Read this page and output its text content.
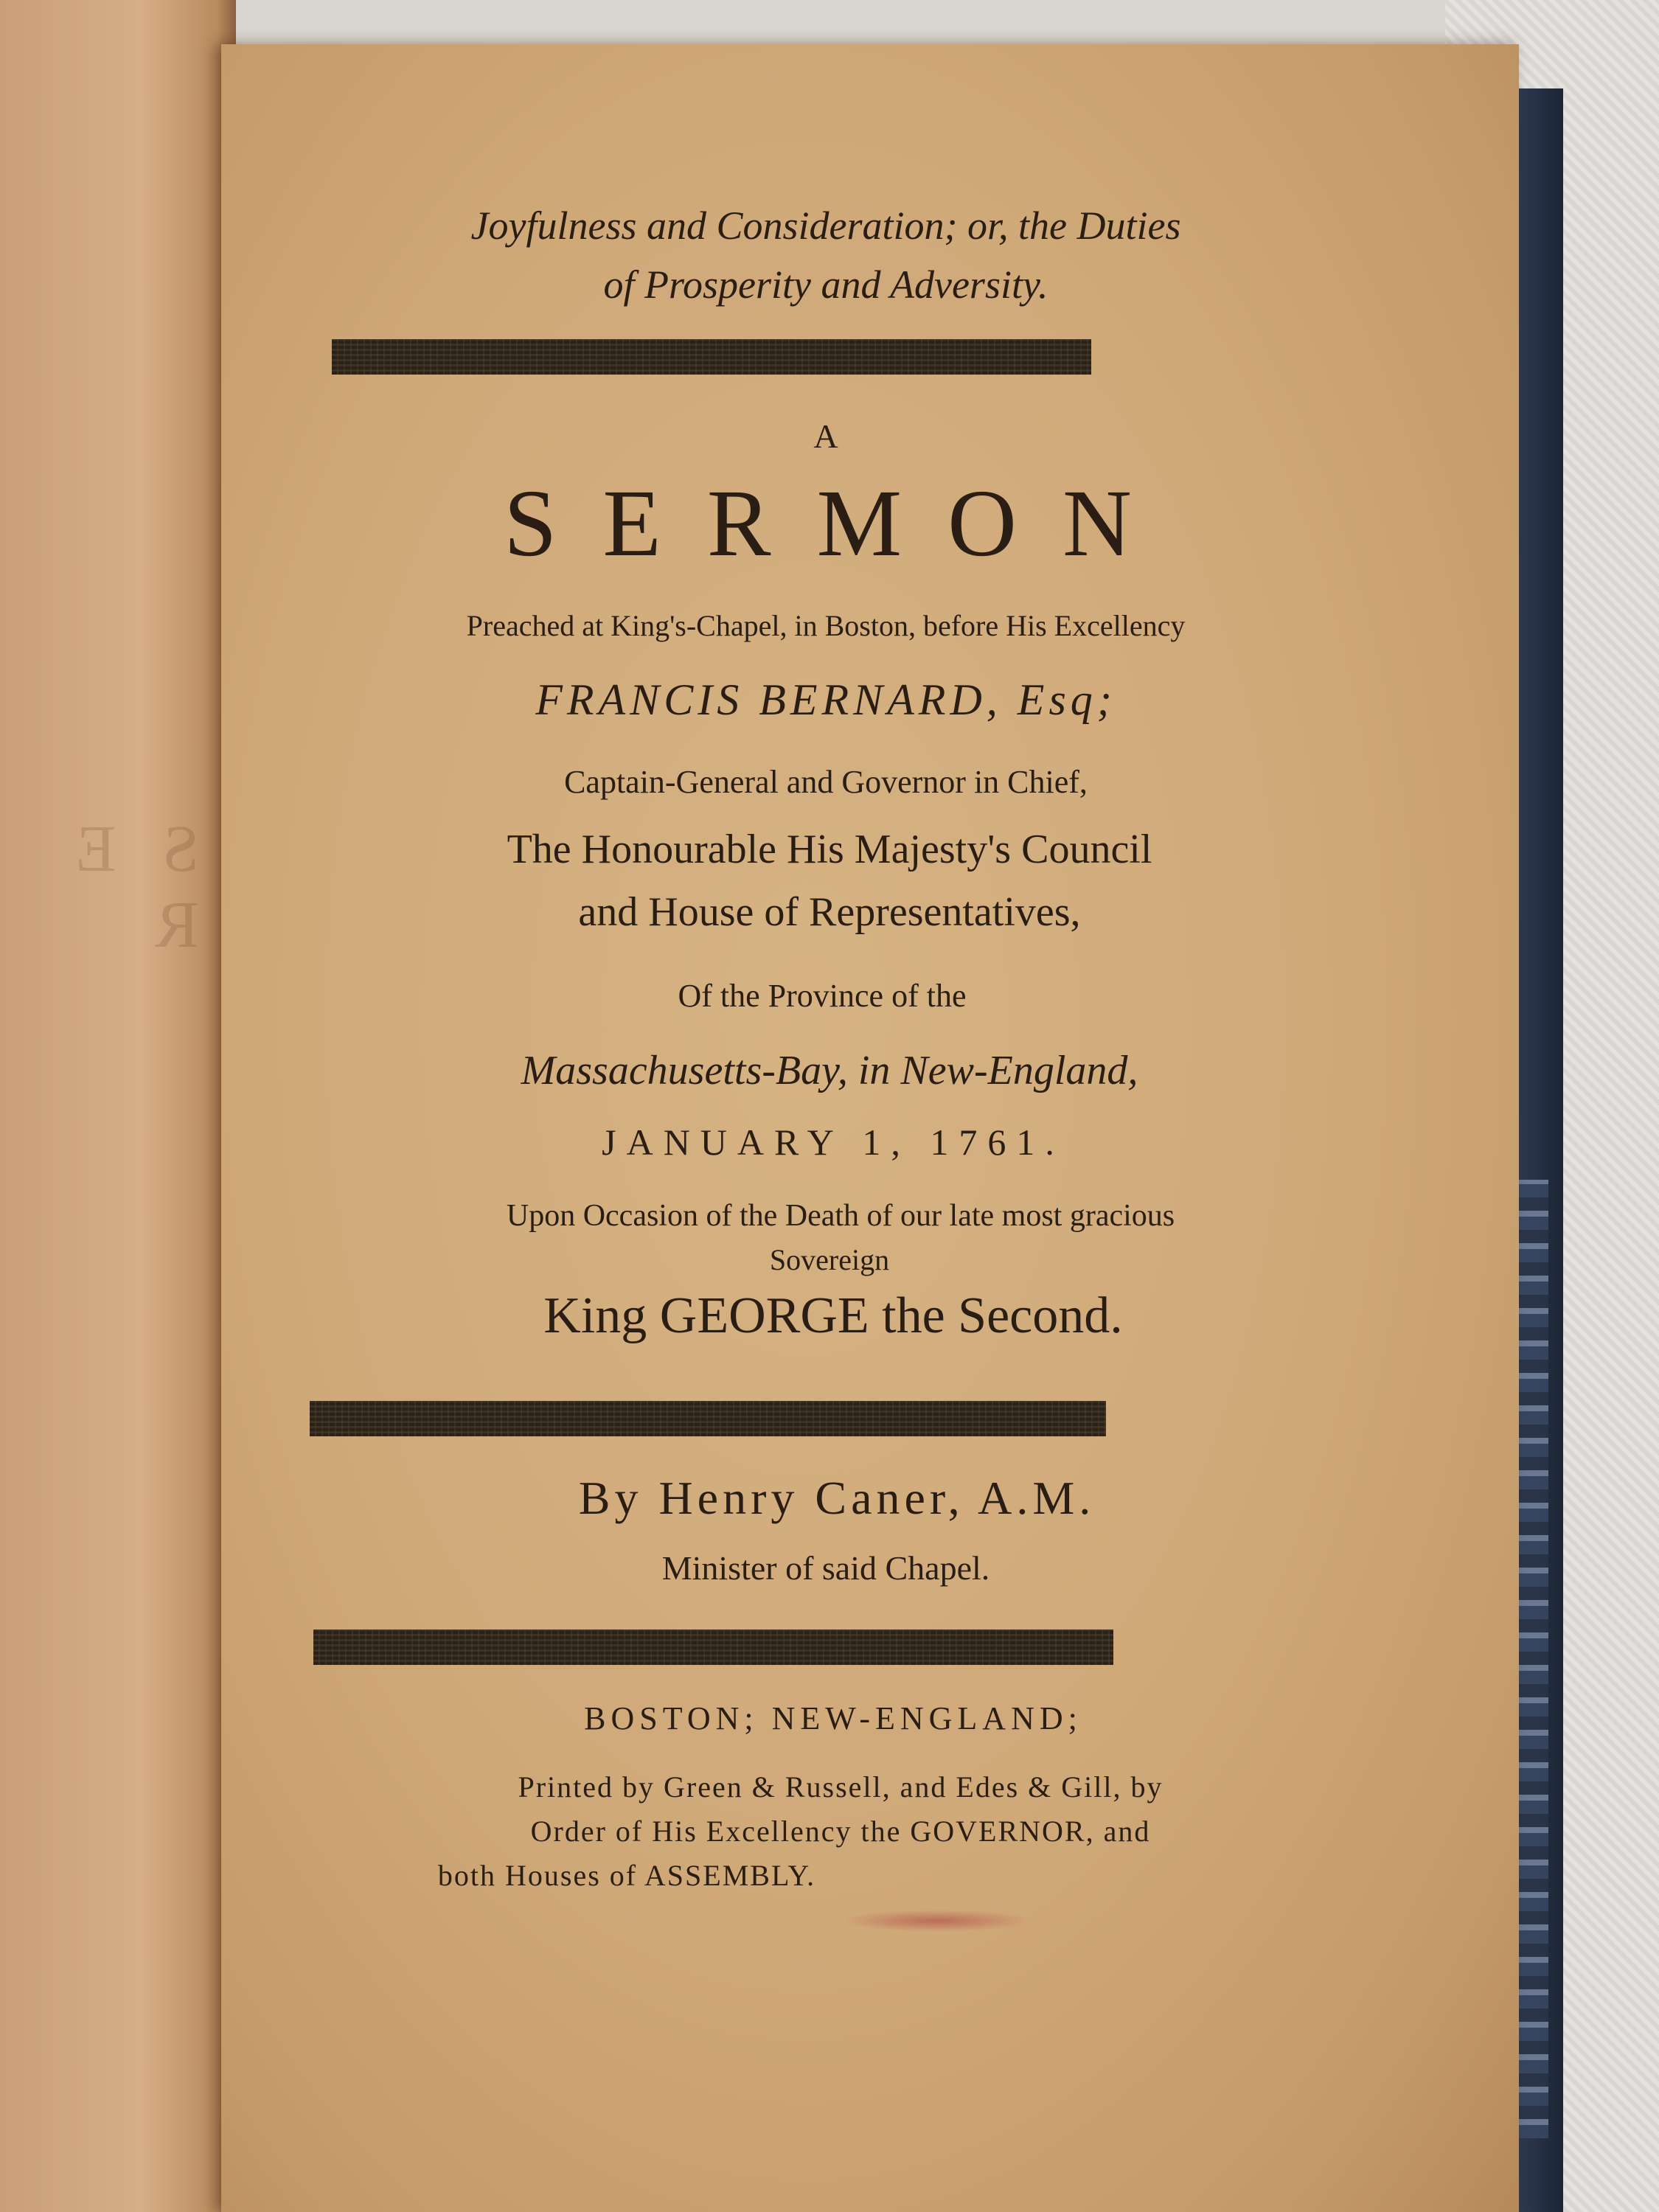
S E R
Joyfulness and Consideration; or, the Duties
of Prosperity and Adversity.
A
SERMON
Preached at King's-Chapel, in Boston, before His Excellency
FRANCIS BERNARD, Esq;
Captain-General and Governor in Chief,
The Honourable His Majesty's Council
and House of Representatives,
Of the Province of the
Massachusetts-Bay, in New-England,
JANUARY 1, 1761.
Upon Occasion of the Death of our late most gracious
Sovereign
King GEORGE the Second.
By Henry Caner, A.M.
Minister of said Chapel.
BOSTON; NEW-ENGLAND;
Printed by Green & Russell, and Edes & Gill, by
Order of His Excellency the GOVERNOR, and
both Houses of ASSEMBLY.
